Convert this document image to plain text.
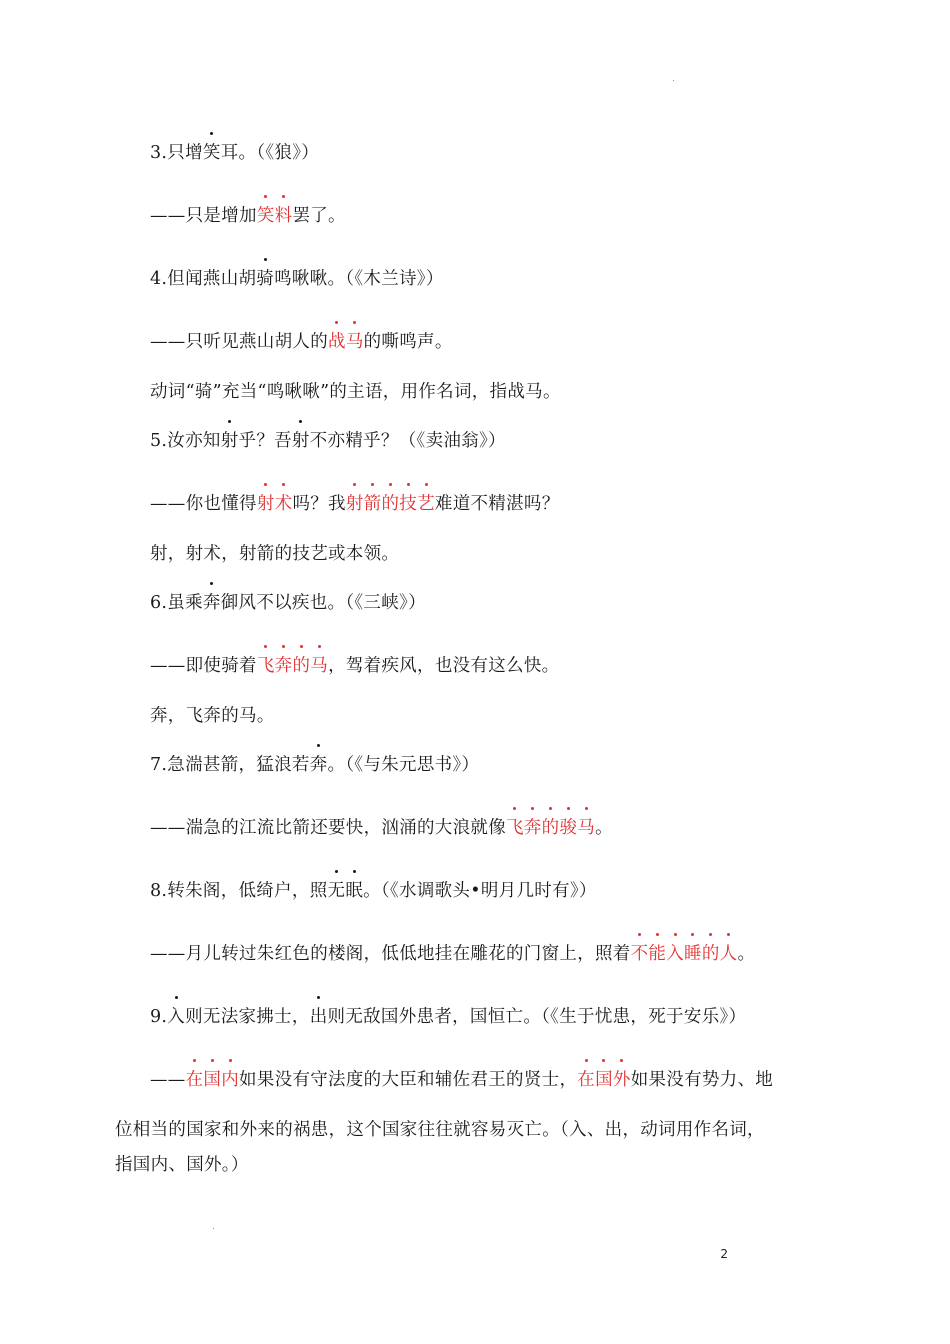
3.只增笑耳。（《狼》）
——只是增加笑料罢了。
4.但闻燕山胡骑鸣啾啾。（《木兰诗》）
——只听见燕山胡人的战马的嘶鸣声。
动词“骑”充当“鸣啾啾”的主语，用作名词，指战马。
5.汝亦知射乎？吾射不亦精乎？（《卖油翁》）
——你也懂得射术吗？我射箭的技艺难道不精湛吗？
射，射术，射箭的技艺或本领。
6.虽乘奔御风不以疾也。（《三峡》）
——即使骑着飞奔的马，驾着疾风，也没有这么快。
奔，飞奔的马。
7.急湍甚箭，猛浪若奔。（《与朱元思书》）
——湍急的江流比箭还要快，汹涌的大浪就像飞奔的骏马。
8.转朱阁，低绮户，照无眠。（《水调歌头•明月几时有》）
——月儿转过朱红色的楼阁，低低地挂在雕花的门窗上，照着不能入睡的人。
9.入则无法家拂士，出则无敌国外患者，国恒亡。（《生于忧患，死于安乐》）
——在国内如果没有守法度的大臣和辅佐君王的贤士，在国外如果没有势力、地
位相当的国家和外来的祸患，这个国家往往就容易灭亡。（入、出，动词用作名词，
指国内、国外。）
2
